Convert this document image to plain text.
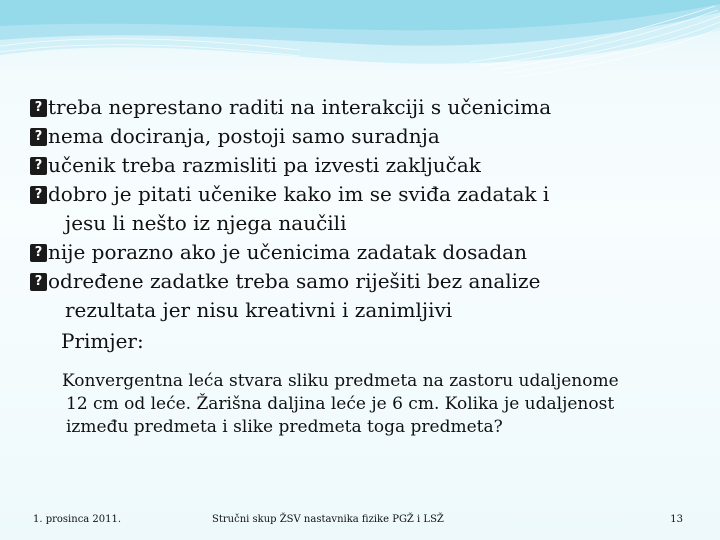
?treba neprestano raditi na interakciji s učenicima
?nema dociranja, postoji samo suradnja
?učenik treba razmisliti pa izvesti zaključak
?dobro je pitati učenike kako im se sviđa zadatak i
jesu li nešto iz njega naučili
?nije porazno ako je učenicima zadatak dosadan
?određene zadatke treba samo riješiti bez analize
rezultata jer nisu kreativni i zanimljivi
Primjer:
Konvergentna leća stvara sliku predmeta na zastoru udaljenome
12 cm od leće. Žarišna daljina leće je 6 cm. Kolika je udaljenost
između predmeta i slike predmeta toga predmeta?
1. prosinca 2011.	Stručni skup ŽSV nastavnika fizike PGŽ i LSŽ	13
